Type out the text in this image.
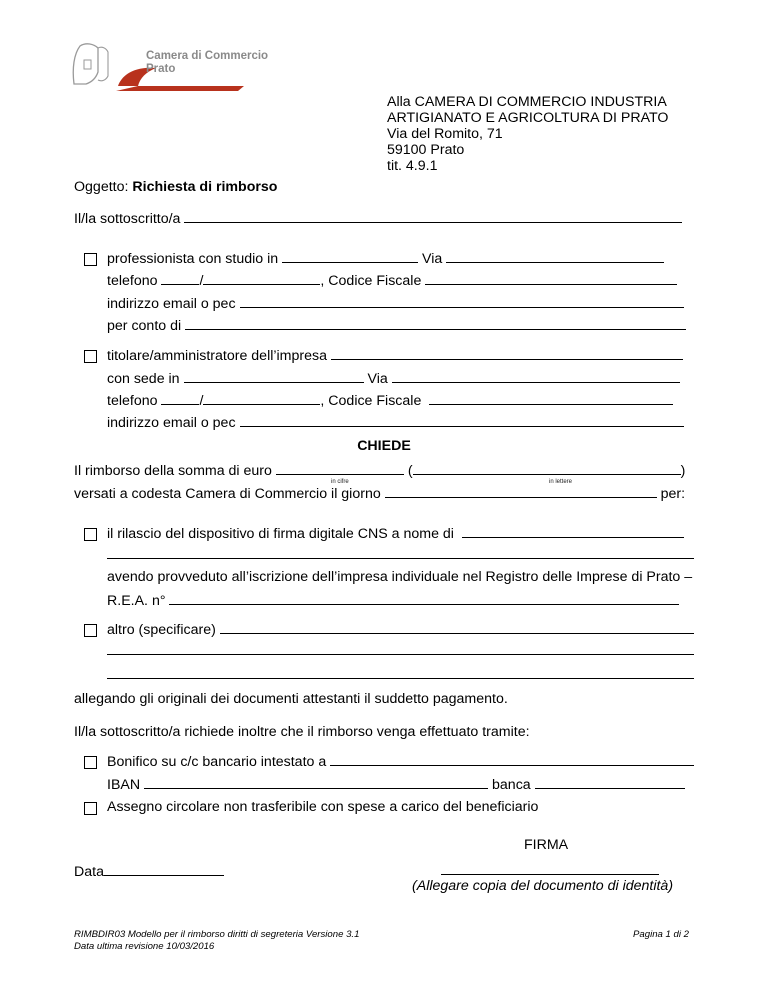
Camera di Commercio
Prato
Alla CAMERA DI COMMERCIO INDUSTRIA
ARTIGIANATO E AGRICOLTURA DI PRATO
Via del Romito, 71
59100 Prato
tit. 4.9.1
Oggetto:
Richiesta di rimborso
Il/la sottoscritto/a

professionista con studio in

	Via

telefono
	/	, Codice Fiscale

indirizzo email o pec

per conto di

titolare/amministratore dell’impresa

con sede in

	Via

telefono
	/	, Codice Fiscale

indirizzo email o pec

CHIEDE
Il rimborso della somma di euro

	(	)
in cifre	in lettere
versati a codesta Camera di Commercio il giorno

	per:
il rilascio del dispositivo di firma digitale CNS a nome di

avendo provveduto all’iscrizione dell’impresa individuale nel Registro delle Imprese di Prato –
R.E.A. n°

altro (specificare)

allegando gli originali dei documenti attestanti il suddetto pagamento.
Il/la sottoscritto/a richiede inoltre che il rimborso venga effettuato tramite:
Bonifico su c/c bancario intestato a

IBAN

	banca

Assegno circolare non trasferibile con spese a carico del beneficiario
FIRMA
Data
(Allegare copia del documento di identità)
RIMBDIR03 Modello per il rimborso diritti di segreteria Versione 3.1
Data ultima revisione 10/03/2016
Pagina 1 di 2
